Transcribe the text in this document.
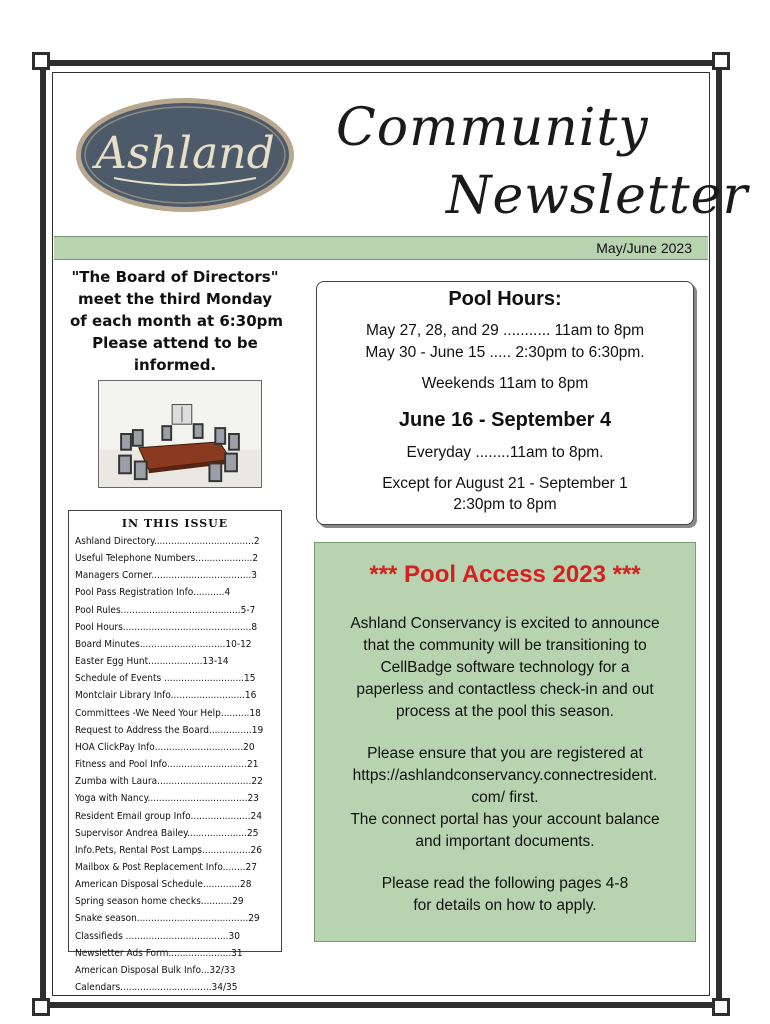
Ashland Community
Newsletter
May/June 2023
"The Board of Directors"
meet the third Monday
of each month at 6:30pm
Please attend to be
informed.
IN THIS ISSUE
Ashland Directory...................................2
Useful Telephone Numbers....................2
Managers Corner...................................3
Pool Pass Registration Info...........4
Pool Rules..........................................5-7
Pool Hours.............................................8
Board Minutes..............................10-12
Easter Egg Hunt...................13-14
Schedule of Events ............................15
Montclair Library Info..........................16
Committees -We Need Your Help..........18
Request to Address the Board...............19
HOA ClickPay Info...............................20
Fitness and Pool Info............................21
Zumba with Laura.................................22
Yoga with Nancy...................................23
Resident Email group Info.....................24
Supervisor Andrea Bailey.....................25
Info.Pets, Rental Post Lamps.................26
Mailbox & Post Replacement Info........27
American Disposal Schedule.............28
Spring season home checks...........29
Snake season.......................................29
Classifieds ....................................30
Newsletter Ads Form......................31
American Disposal Bulk Info...32/33
Calendars................................34/35
Pool Hours:
May 27, 28, and 29 ........... 11am to 8pm
May 30 - June 15 ..... 2:30pm to 6:30pm.
Weekends 11am to 8pm
June 16 - September 4
Everyday ........11am to 8pm.
Except for August 21 - September 1
2:30pm to 8pm
*** Pool Access 2023 ***
Ashland Conservancy is excited to announce
that the community will be transitioning to
CellBadge software technology for a
paperless and contactless check-in and out
process at the pool this season.
Please ensure that you are registered at
https://ashlandconservancy.connectresident.
com/ first.
The connect portal has your account balance
and important documents.
Please read the following pages 4-8
for details on how to apply.
